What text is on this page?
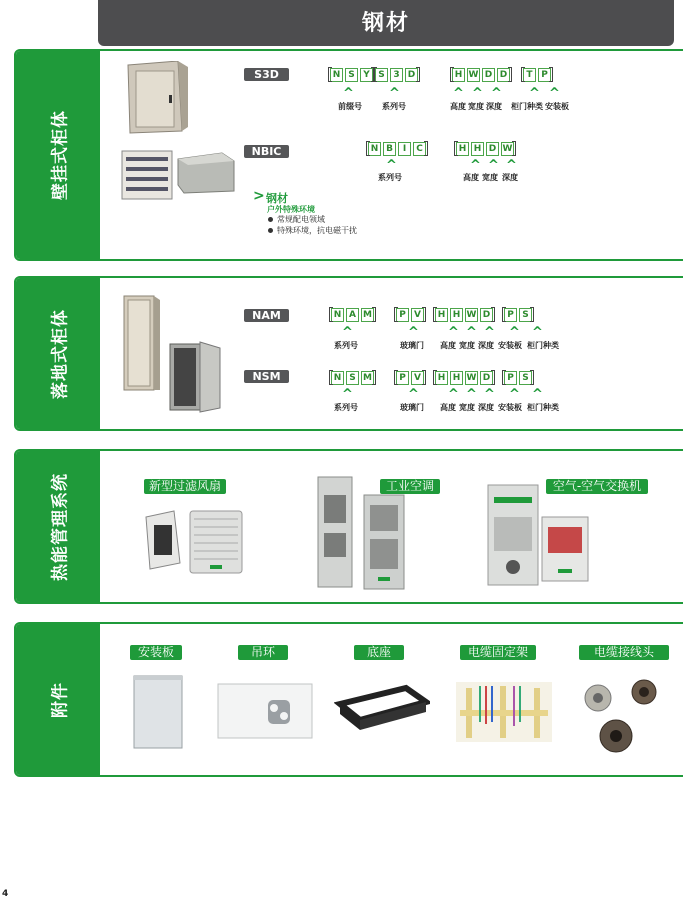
钢材
壁挂式柜体
S3D	N S Y S 3 D	H W D D	T P
^	^	^ ^ ^ ^ ^
前缀号	系列号	高度 宽度 深度 柜门种类 安装板
NBIC	N B	I	C	H H D W
^	^ ^ ^
系列号	高度 宽度 深度
> 钢材
户外特殊环境
常规配电领域
特殊环境，抗电磁干扰
落地式柜体	NAM	N A M	P V	H H W D	P S
^	^ ^ ^ ^ ^ ^
系列号	玻璃门 高度 宽度 深度 安装板 柜门种类
NSM	N S M	P V	H H W D	P S
^	^ ^ ^ ^ ^ ^
系列号	玻璃门 高度 宽度 深度 安装板 柜门种类
热能管理系统	新型过滤风扇	工业空调	空气-空气交换机
附件
安装板	吊环	底座	电缆固定架	电缆接线头
4
